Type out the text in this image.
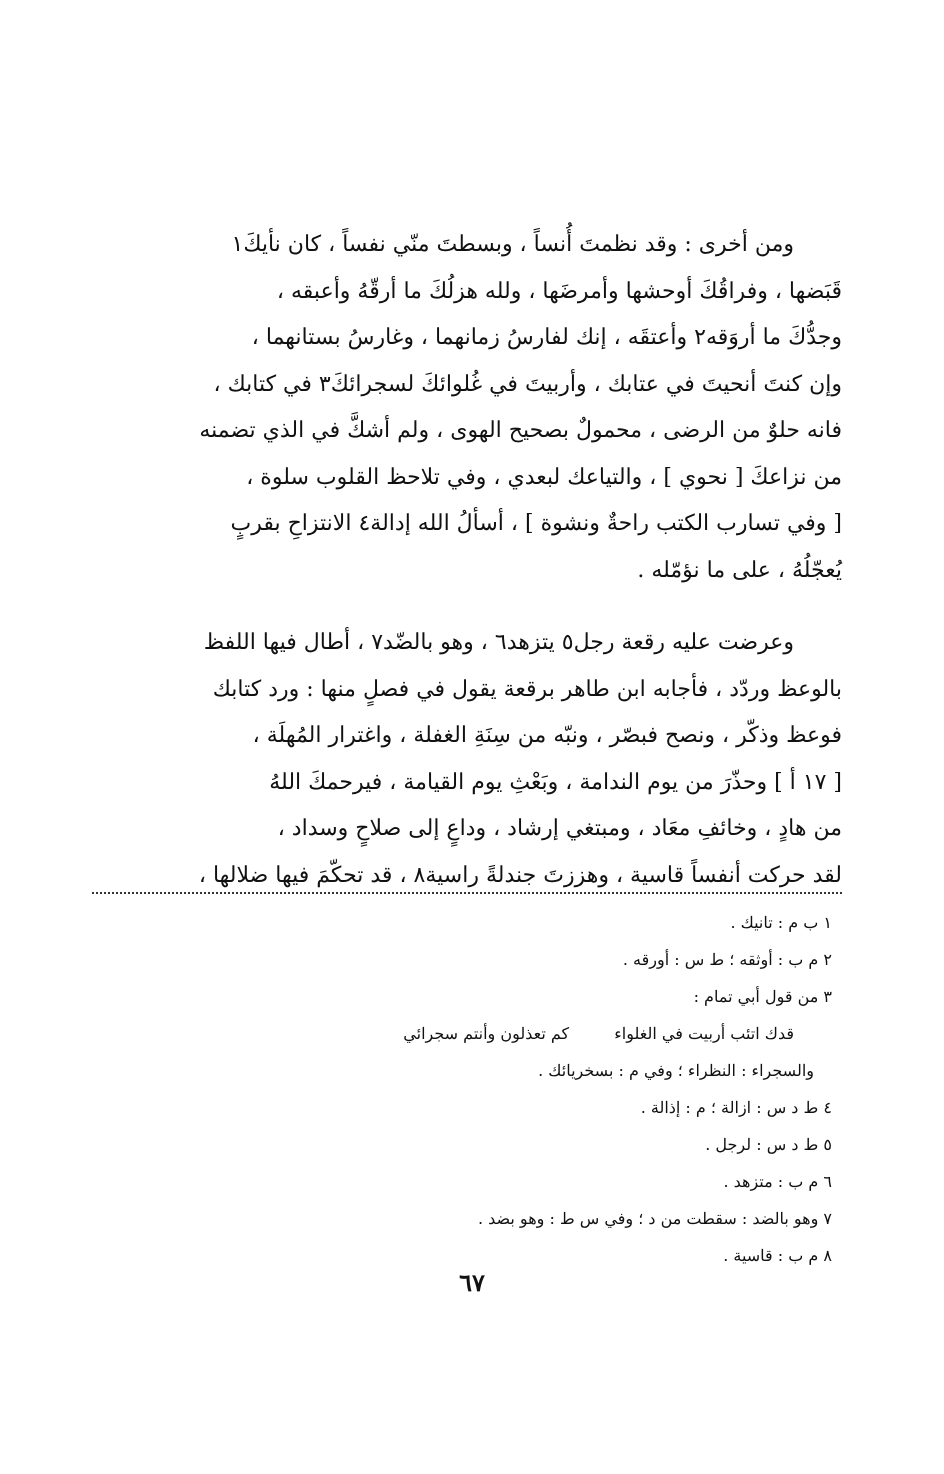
ومن أخرى : وقد نظمتَ أُنساً ، وبسطتَ منّي نفساً ، كان نأيكَ١
قَبَضها ، وفراقُكَ أوحشها وأمرضَها ، ولله هزلُكَ ما أرقّهُ وأعبقه ،
وجدُّكَ ما أروَقه٢ وأعتقَه ، إنك لفارسُ زمانهما ، وغارسُ بستانهما ،
وإن كنتَ أنحيتَ في عتابك ، وأربيتَ في غُلوائكَ لسجرائكَ٣ في كتابك ،
فانه حلوٌ من الرضى ، محمولٌ بصحيح الهوى ، ولم أشكَّ في الذي تضمنه
من نزاعكَ [ نحوي ] ، والتياعك لبعدي ، وفي تلاحظ القلوب سلوة ،
[ وفي تسارب الكتب راحةٌ ونشوة ] ، أسألُ الله إدالة٤ الانتزاحِ بقربٍ
يُعجّلُهُ ، على ما نؤمّله .

وعرضت عليه رقعة رجل٥ يتزهد٦ ، وهو بالضّد٧ ، أطال فيها اللفظ
بالوعظ وردّد ، فأجابه ابن طاهر برقعة يقول في فصلٍ منها : ورد كتابك
فوعظ وذكّر ، ونصح فبصّر ، ونبّه من سِنَةِ الغفلة ، واغترار المُهلَة ،
[ ١٧ أ ] وحذّرَ من يوم الندامة ، وبَعْثِ يوم القيامة ، فيرحمكَ اللهُ
من هادٍ ، وخائفِ معَاد ، ومبتغي إرشاد ، وداعٍ إلى صلاحٍ وسداد ،
لقد حركت أنفساً قاسية ، وهززتَ جندلةً راسية٨ ، قد تحكّمَ فيها ضلالها ،

١ ب م : تانيك .
٢ م ب : أوثقه ؛ ط س : أورقه .
٣ من قول أبي تمام :
قدك اتئب أربيت في الغلواء كم تعذلون وأنتم سجرائي
والسجراء : النظراء ؛ وفي م : بسخريائك .
٤ ط د س : ازالة ؛ م : إذالة .
٥ ط د س : لرجل .
٦ م ب : متزهد .
٧ وهو بالضد : سقطت من د ؛ وفي س ط : وهو بضد .
٨ م ب : قاسية .
٦٧
